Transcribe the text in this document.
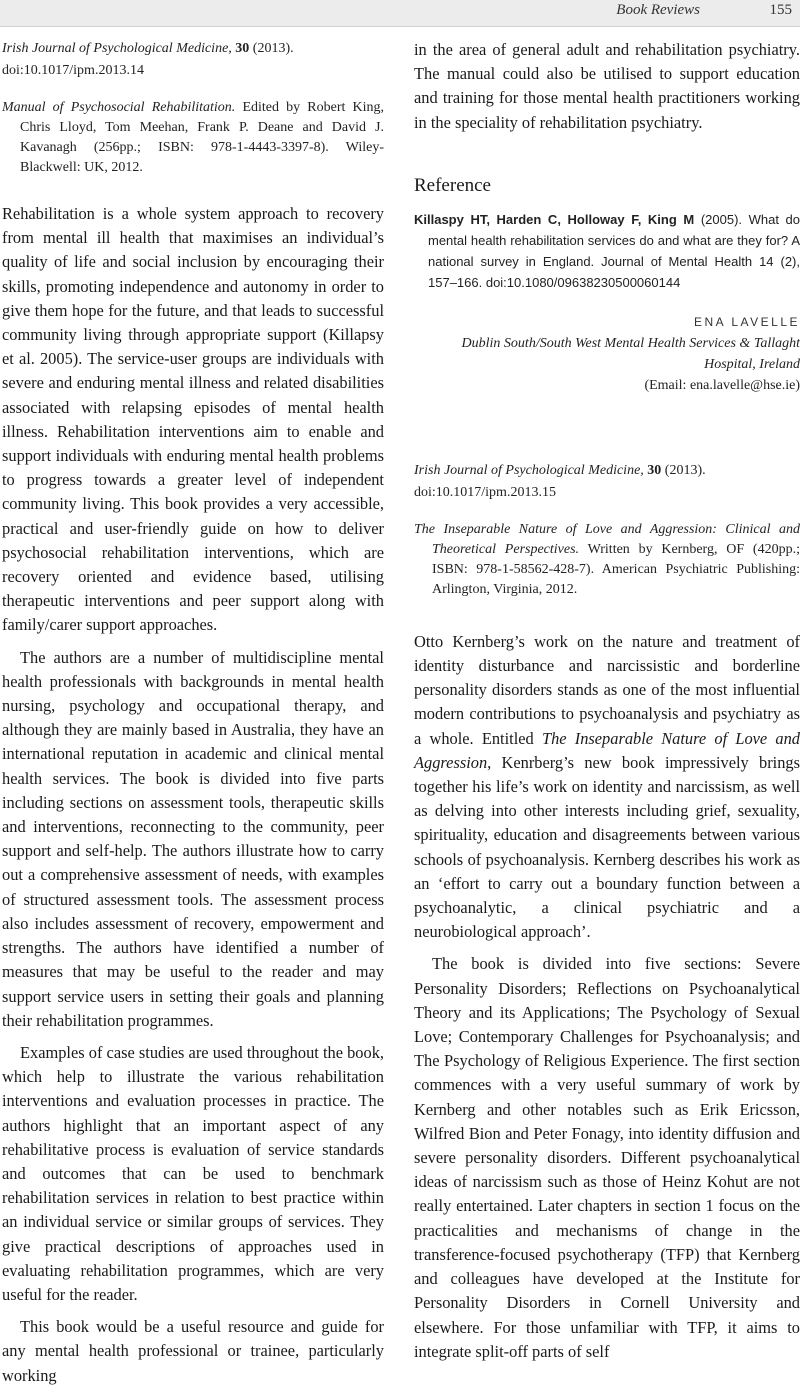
Book Reviews	155
Irish Journal of Psychological Medicine, 30 (2013).
doi:10.1017/ipm.2013.14
Manual of Psychosocial Rehabilitation. Edited by Robert King, Chris Lloyd, Tom Meehan, Frank P. Deane and David J. Kavanagh (256pp.; ISBN: 978-1-4443-3397-8). Wiley-Blackwell: UK, 2012.

Rehabilitation is a whole system approach to recovery from mental ill health that maximises an individual’s quality of life and social inclusion by encouraging their skills, promoting independence and autonomy in order to give them hope for the future, and that leads to successful community living through appropriate support (Killapsy et al. 2005). The service-user groups are individuals with severe and enduring mental illness and related disabilities associated with relapsing episodes of mental health illness. Rehabilitation interventions aim to enable and support individuals with enduring mental health problems to progress towards a greater level of independent community living. This book provides a very accessible, practical and user-friendly guide on how to deliver psychosocial rehabilitation interventions, which are recovery oriented and evidence based, utilising therapeutic interventions and peer support along with family/carer support approaches.

The authors are a number of multidiscipline mental health professionals with backgrounds in mental health nursing, psychology and occupational therapy, and although they are mainly based in Australia, they have an international reputation in academic and clinical mental health services. The book is divided into five parts including sections on assessment tools, therapeutic skills and interventions, reconnecting to the community, peer support and self-help. The authors illustrate how to carry out a comprehensive assessment of needs, with examples of structured assessment tools. The assessment process also includes assessment of recovery, empowerment and strengths. The authors have identified a number of measures that may be useful to the reader and may support service users in setting their goals and planning their rehabilitation programmes.

Examples of case studies are used throughout the book, which help to illustrate the various rehabilitation interventions and evaluation processes in practice. The authors highlight that an important aspect of any rehabilitative process is evaluation of service standards and outcomes that can be used to benchmark rehabilitation services in relation to best practice within an individual service or similar groups of services. They give practical descriptions of approaches used in evaluating rehabilitation programmes, which are very useful for the reader.

This book would be a useful resource and guide for any mental health professional or trainee, particularly working

in the area of general adult and rehabilitation psychiatry. The manual could also be utilised to support education and training for those mental health practitioners working in the speciality of rehabilitation psychiatry.

Reference
Killaspy HT, Harden C, Holloway F, King M (2005). What do mental health rehabilitation services do and what are they for? A national survey in England. Journal of Mental Health 14 (2), 157–166. doi:10.1080/09638230500060144
ENA LAVELLE
Dublin South/South West Mental Health Services & Tallaght Hospital, Ireland
(Email: ena.lavelle@hse.ie)
Irish Journal of Psychological Medicine, 30 (2013).
doi:10.1017/ipm.2013.15
The Inseparable Nature of Love and Aggression: Clinical and Theoretical Perspectives. Written by Kernberg, OF (420pp.; ISBN: 978-1-58562-428-7). American Psychiatric Publishing: Arlington, Virginia, 2012.

Otto Kernberg’s work on the nature and treatment of identity disturbance and narcissistic and borderline personality disorders stands as one of the most influential modern contributions to psychoanalysis and psychiatry as a whole. Entitled The Inseparable Nature of Love and Aggression, Kenrberg’s new book impressively brings together his life’s work on identity and narcissism, as well as delving into other interests including grief, sexuality, spirituality, education and disagreements between various schools of psychoanalysis. Kernberg describes his work as an ‘effort to carry out a boundary function between a psychoanalytic, a clinical psychiatric and a neurobiological approach’.

The book is divided into five sections: Severe Personality Disorders; Reflections on Psychoanalytical Theory and its Applications; The Psychology of Sexual Love; Contemporary Challenges for Psychoanalysis; and The Psychology of Religious Experience. The first section commences with a very useful summary of work by Kernberg and other notables such as Erik Ericsson, Wilfred Bion and Peter Fonagy, into identity diffusion and severe personality disorders. Different psychoanalytical ideas of narcissism such as those of Heinz Kohut are not really entertained. Later chapters in section 1 focus on the practicalities and mechanisms of change in the transference-focused psychotherapy (TFP) that Kernberg and colleagues have developed at the Institute for Personality Disorders in Cornell University and elsewhere. For those unfamiliar with TFP, it aims to integrate split-off parts of self
